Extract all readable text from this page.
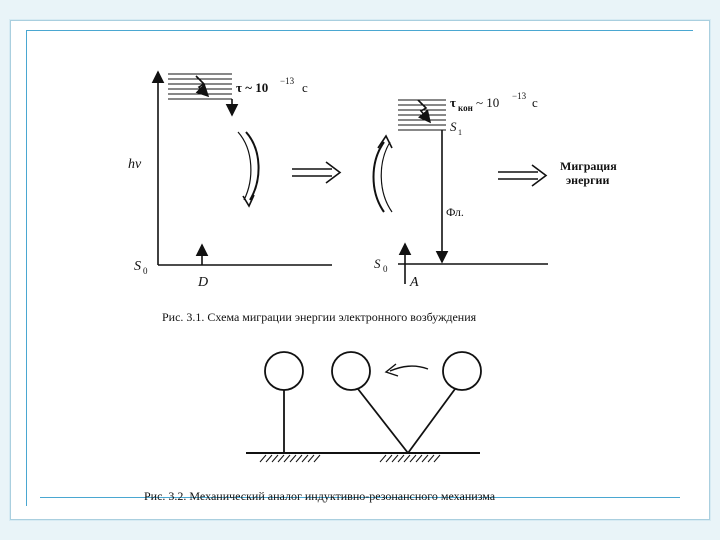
τ ~ 10 −13 c
hν
S 0
D
τ кон ~ 10 −13 c
S 1
Фл.
S 0
A
Миграция
энергии
Рис. 3.1. Схема миграции энергии электронного возбуждения
Рис. 3.2. Механический аналог индуктивно-резонансного механизма
